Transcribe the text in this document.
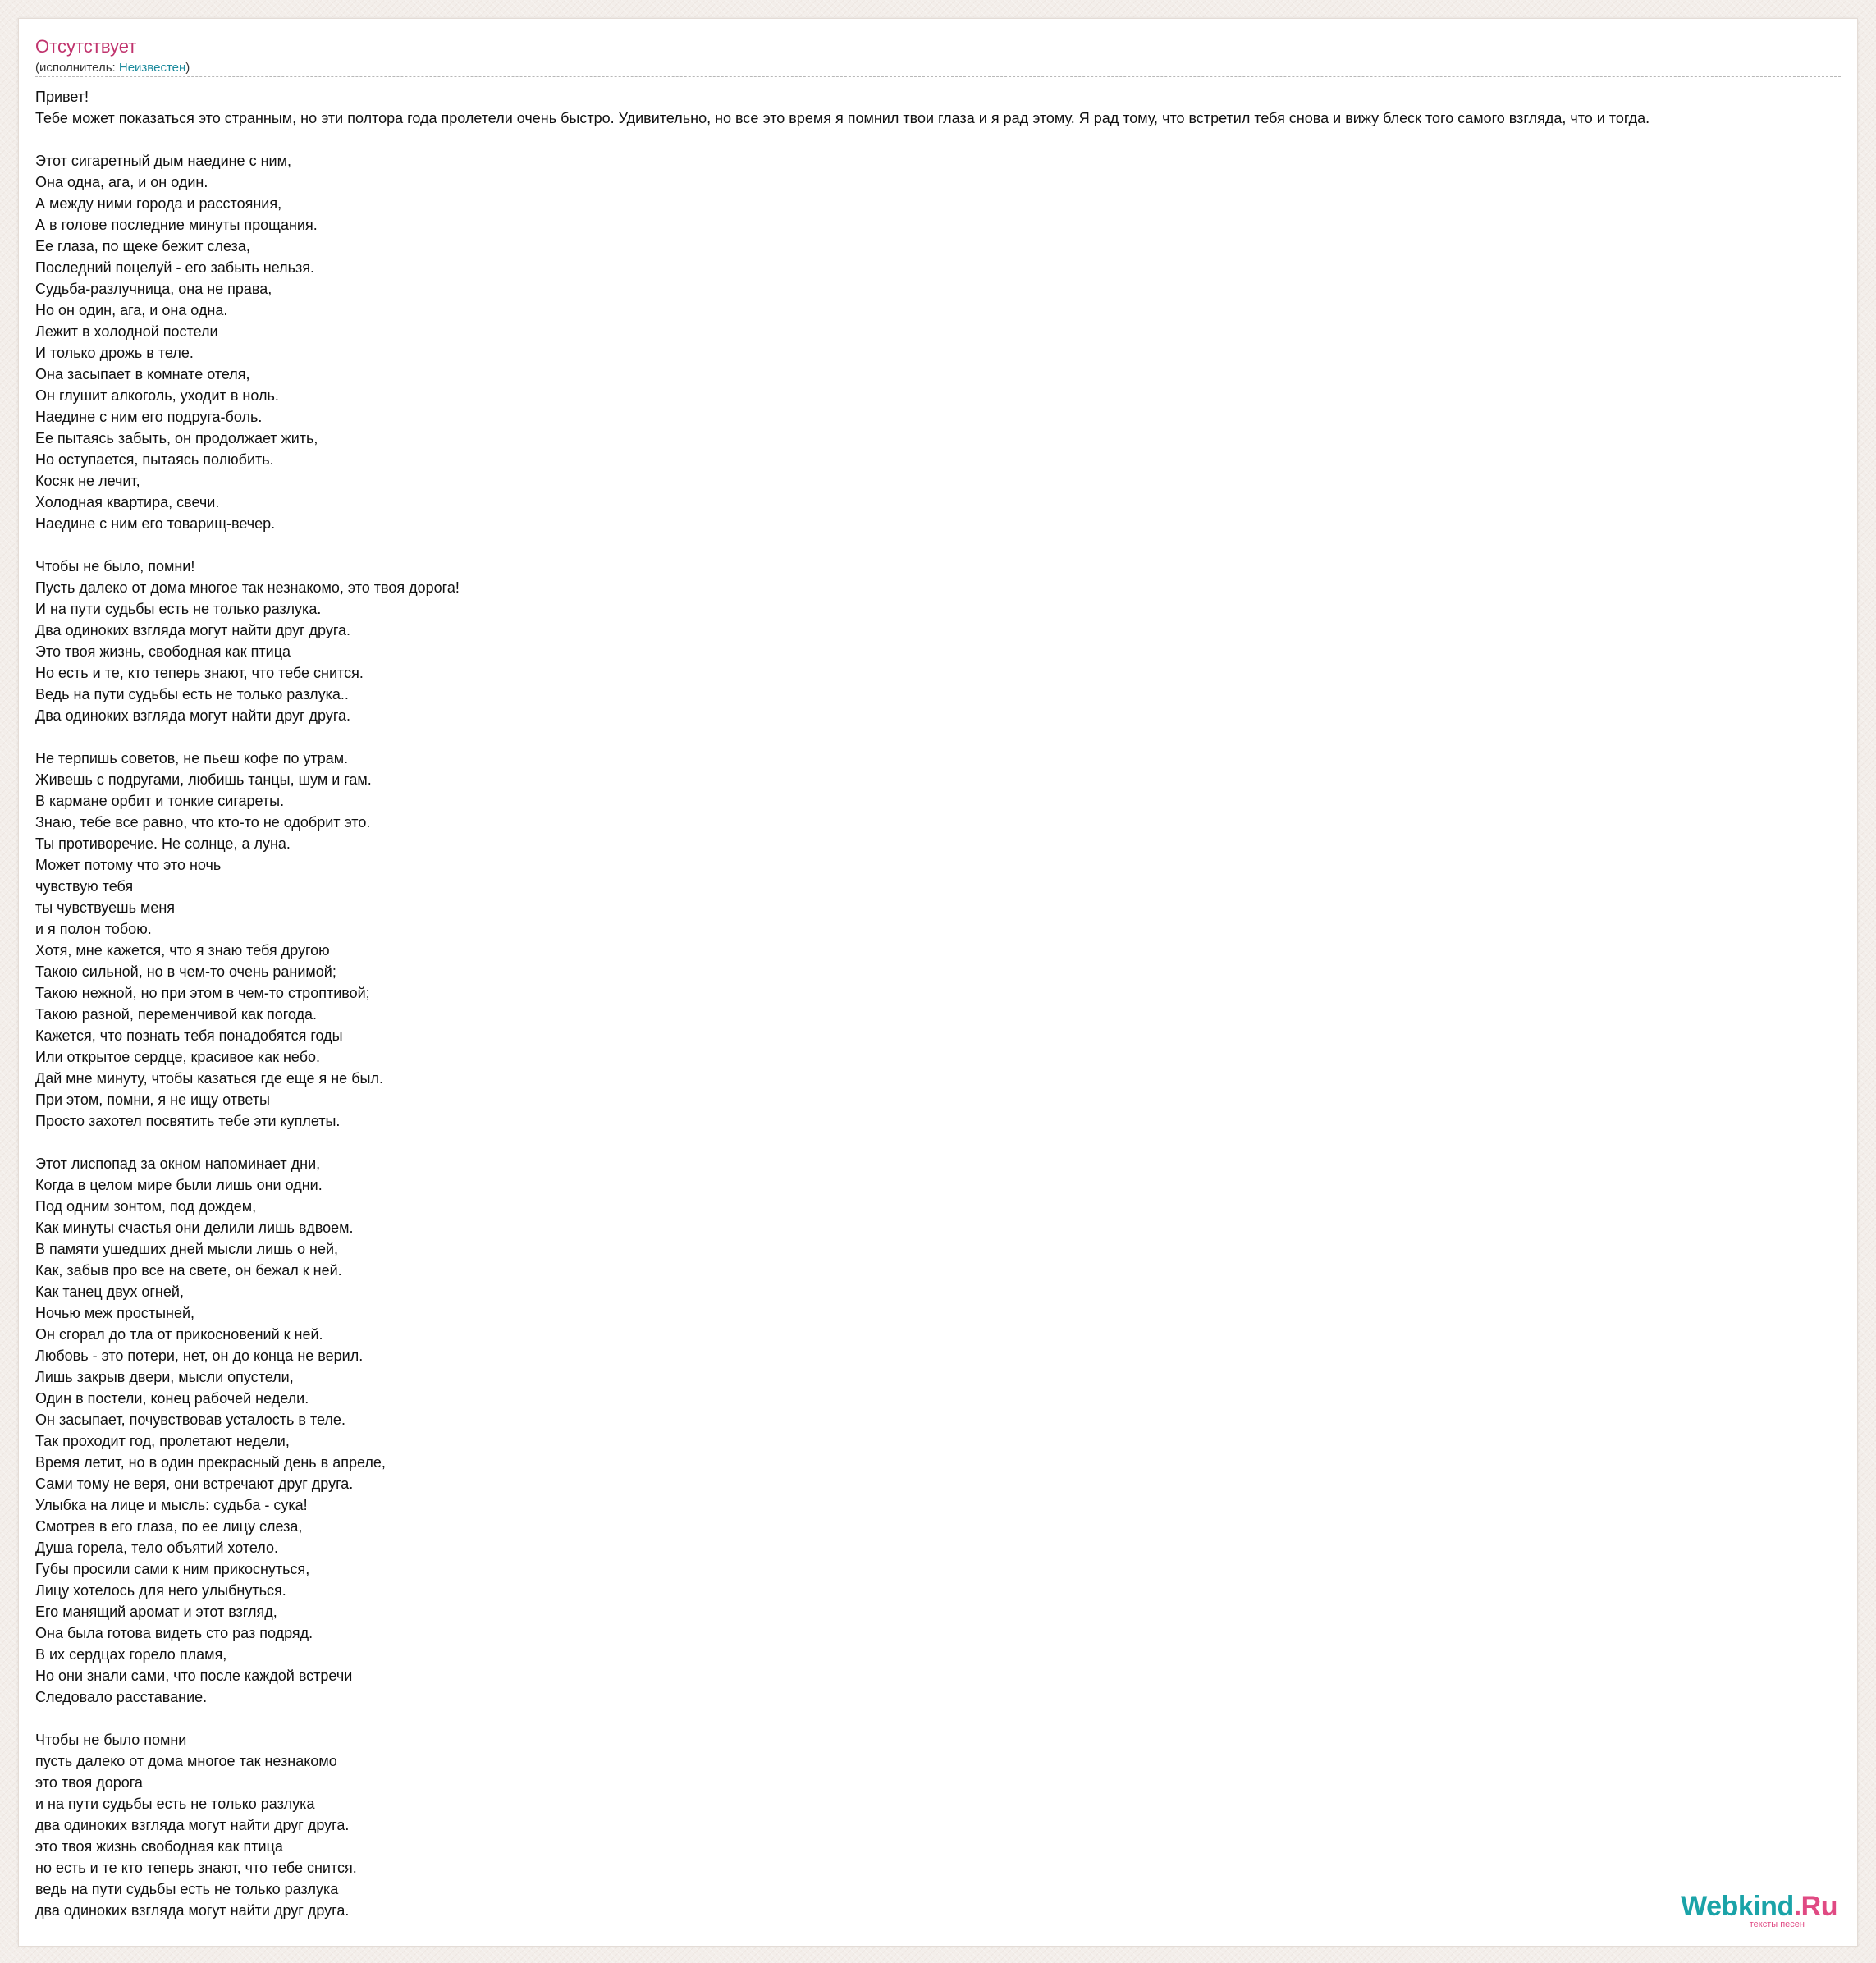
Отсутствует
(исполнитель: Неизвестен)
Привет!
Тебе может показаться это странным, но эти полтора года пролетели очень быстро. Удивительно, но все это время я помнил твои глаза и я рад этому. Я рад тому, что встретил тебя снова и вижу блеск того самого взгляда, что и тогда.

Этот сигаретный дым наедине с ним,
Она одна, ага, и он один.
А между ними города и расстояния,
А в голове последние минуты прощания.
Ее глаза, по щеке бежит слеза,
Последний поцелуй - его забыть нельзя.
Судьба-разлучница, она не права,
Но он один, ага, и она одна.
Лежит в холодной постели
И только дрожь в теле.
Она засыпает в комнате отеля,
Он глушит алкоголь, уходит в ноль.
Наедине с ним его подруга-боль.
Ее пытаясь забыть, он продолжает жить,
Но оступается, пытаясь полюбить.
Косяк не лечит,
Холодная квартира, свечи.
Наедине с ним его товарищ-вечер.

Чтобы не было, помни!
Пусть далеко от дома многое так незнакомо, это твоя дорога!
И на пути судьбы есть не только разлука.
Два одиноких взгляда могут найти друг друга.
Это твоя жизнь, свободная как птица
Но есть и те, кто теперь знают, что тебе снится.
Ведь на пути судьбы есть не только разлука..
Два одиноких взгляда могут найти друг друга.

Не терпишь советов, не пьеш кофе по утрам.
Живешь с подругами, любишь танцы, шум и гам.
В кармане орбит и тонкие сигареты.
Знаю, тебе все равно, что кто-то не одобрит это.
Ты противоречие. Не солнце, а луна.
Может потому что это ночь
чувствую тебя
ты чувствуешь меня
и я полон тобою.
Хотя, мне кажется, что я знаю тебя другою
Такою сильной, но в чем-то очень ранимой;
Такою нежной, но при этом в чем-то строптивой;
Такою разной, переменчивой как погода.
Кажется, что познать тебя понадобятся годы
Или открытое сердце, красивое как небо.
Дай мне минуту, чтобы казаться где еще я не был.
При этом, помни, я не ищу ответы
Просто захотел посвятить тебе эти куплеты.

Этот лиспопад за окном напоминает дни,
Когда в целом мире были лишь они одни.
Под одним зонтом, под дождем,
Как минуты счастья они делили лишь вдвоем.
В памяти ушедших дней мысли лишь о ней,
Как, забыв про все на свете, он бежал к ней.
Как танец двух огней,
Ночью меж простыней,
Он сгорал до тла от прикосновений к ней.
Любовь - это потери, нет, он до конца не верил.
Лишь закрыв двери, мысли опустели,
Один в постели, конец рабочей недели.
Он засыпает, почувствовав усталость в теле.
Так проходит год, пролетают недели,
Время летит, но в один прекрасный день в апреле,
Сами тому не веря, они встречают друг друга.
Улыбка на лице и мысль: судьба - сука!
Смотрев в его глаза, по ее лицу слеза,
Душа горела, тело объятий хотело.
Губы просили сами к ним прикоснуться,
Лицу хотелось для него улыбнуться.
Его манящий аромат и этот взгляд,
Она была готова видеть сто раз подряд.
В их сердцах горело пламя,
Но они знали сами, что после каждой встречи
Следовало расставание.

Чтобы не было помни
пусть далеко от дома многое так незнакомо
это твоя дорога
и на пути судьбы есть не только разлука
два одиноких взгляда могут найти друг друга.
это твоя жизнь свободная как птица
но есть и те кто теперь знают, что тебе снится.
ведь на пути судьбы есть не только разлука
два одиноких взгляда могут найти друг друга.	Webkind.Ru
тексты песен
